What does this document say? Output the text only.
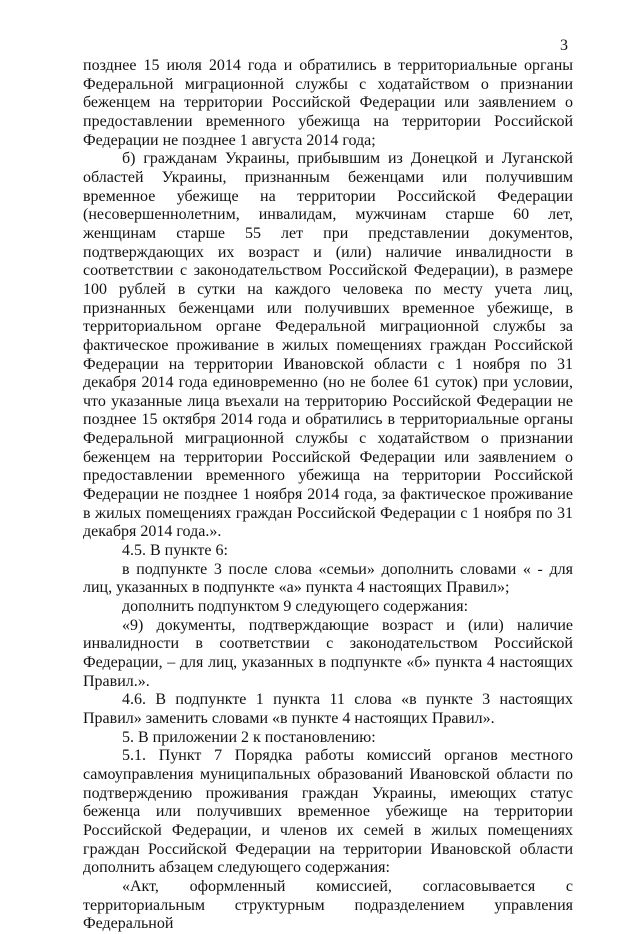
3

позднее 15 июля 2014 года и обратились в территориальные органы Федеральной миграционной службы с ходатайством о признании беженцем на территории Российской Федерации или заявлением о предоставлении временного убежища на территории Российской Федерации не позднее 1 августа 2014 года;

б) гражданам Украины, прибывшим из Донецкой и Луганской областей Украины, признанным беженцами или получившим временное убежище на территории Российской Федерации (несовершеннолетним, инвалидам, мужчинам старше 60 лет, женщинам старше 55 лет при представлении документов, подтверждающих их возраст и (или) наличие инвалидности в соответствии с законодательством Российской Федерации), в размере 100 рублей в сутки на каждого человека по месту учета лиц, признанных беженцами или получивших временное убежище, в территориальном органе Федеральной миграционной службы за фактическое проживание в жилых помещениях граждан Российской Федерации на территории Ивановской области с 1 ноября по 31 декабря 2014 года единовременно (но не более 61 суток) при условии, что указанные лица въехали на территорию Российской Федерации не позднее 15 октября 2014 года и обратились в территориальные органы Федеральной миграционной службы с ходатайством о признании беженцем на территории Российской Федерации или заявлением о предоставлении временного убежища на территории Российской Федерации не позднее 1 ноября 2014 года, за фактическое проживание в жилых помещениях граждан Российской Федерации с 1 ноября по 31 декабря 2014 года.».

4.5. В пункте 6:

в подпункте 3 после слова «семьи» дополнить словами « - для лиц, указанных в подпункте «а» пункта 4 настоящих Правил»;

дополнить подпунктом 9 следующего содержания:

«9) документы, подтверждающие возраст и (или) наличие инвалидности в соответствии с законодательством Российской Федерации, – для лиц, указанных в подпункте «б» пункта 4 настоящих Правил.».

4.6. В подпункте 1 пункта 11 слова «в пункте 3 настоящих Правил» заменить словами «в пункте 4 настоящих Правил».

5. В приложении 2 к постановлению:

5.1. Пункт 7 Порядка работы комиссий органов местного самоуправления муниципальных образований Ивановской области по подтверждению проживания граждан Украины, имеющих статус беженца или получивших временное убежище на территории Российской Федерации, и членов их семей в жилых помещениях граждан Российской Федерации на территории Ивановской области дополнить абзацем следующего содержания:

«Акт, оформленный комиссией, согласовывается с территориальным структурным подразделением управления Федеральной
